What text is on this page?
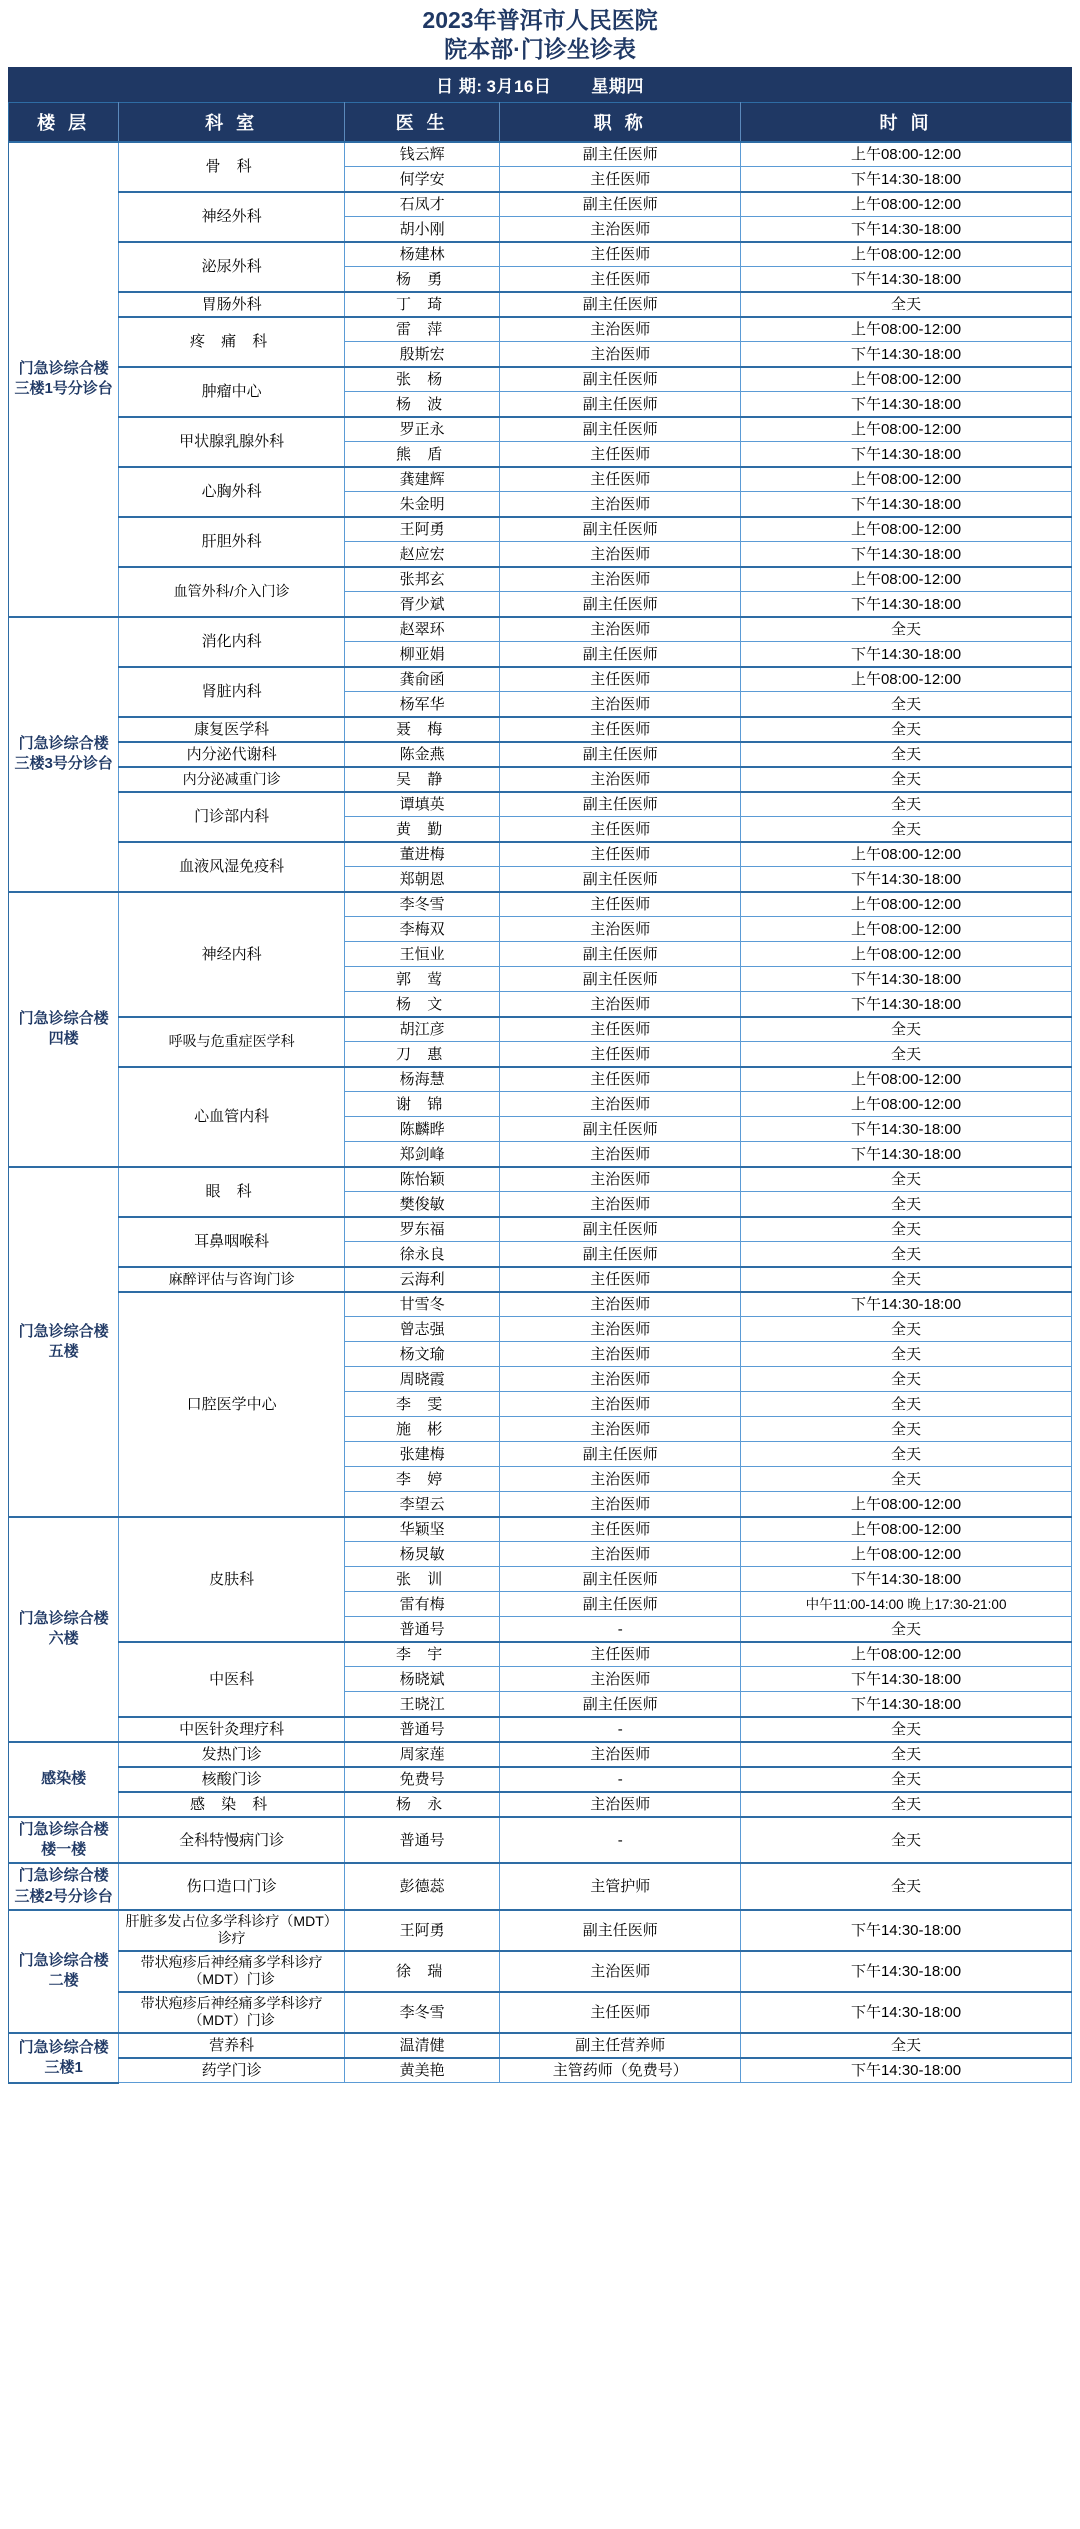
2023年普洱市人民医院
院本部·门诊坐诊表
日 期: 3月16日 星期四
楼 层	科 室	医 生	职 称	时 间
门急诊综合楼三楼1号分诊台	骨 科	钱云辉	副主任医师	上午08:00-12:00
		何学安	主任医师	下午14:30-18:00
	神经外科	石凤才	副主任医师	上午08:00-12:00
		胡小刚	主治医师	下午14:30-18:00
	泌尿外科	杨建林	主任医师	上午08:00-12:00
		杨 勇	主任医师	下午14:30-18:00
	胃肠外科	丁 琦	副主任医师	全天
	疼 痛 科	雷 萍	主治医师	上午08:00-12:00
		殷斯宏	主治医师	下午14:30-18:00
	肿瘤中心	张 杨	副主任医师	上午08:00-12:00
		杨 波	副主任医师	下午14:30-18:00
	甲状腺乳腺外科	罗正永	副主任医师	上午08:00-12:00
		熊 盾	主任医师	下午14:30-18:00
	心胸外科	龚建辉	主任医师	上午08:00-12:00
		朱金明	主治医师	下午14:30-18:00
	肝胆外科	王阿勇	副主任医师	上午08:00-12:00
		赵应宏	主治医师	下午14:30-18:00
	血管外科/介入门诊	张邦玄	主治医师	上午08:00-12:00
		胥少斌	副主任医师	下午14:30-18:00
门急诊综合楼三楼3号分诊台	消化内科	赵翠环	主治医师	全天
		柳亚娟	副主任医师	下午14:30-18:00
	肾脏内科	龚俞函	主任医师	上午08:00-12:00
		杨军华	主治医师	全天
	康复医学科	聂 梅	主任医师	全天
	内分泌代谢科	陈金燕	副主任医师	全天
	内分泌减重门诊	吴 静	主治医师	全天
	门诊部内科	谭填英	副主任医师	全天
		黄 勤	主任医师	全天
	血液风湿免疫科	董进梅	主任医师	上午08:00-12:00
		郑朝恩	副主任医师	下午14:30-18:00
门急诊综合楼四楼	神经内科	李冬雪	主任医师	上午08:00-12:00
		李梅双	主治医师	上午08:00-12:00
		王恒业	副主任医师	上午08:00-12:00
		郭 莺	副主任医师	下午14:30-18:00
		杨 文	主治医师	下午14:30-18:00
	呼吸与危重症医学科	胡江彦	主任医师	全天
		刀 惠	主任医师	全天
	心血管内科	杨海慧	主任医师	上午08:00-12:00
		谢 锦	主治医师	上午08:00-12:00
		陈麟晔	副主任医师	下午14:30-18:00
		郑剑峰	主治医师	下午14:30-18:00
门急诊综合楼五楼	眼 科	陈怡颖	主治医师	全天
		樊俊敏	主治医师	全天
	耳鼻咽喉科	罗东福	副主任医师	全天
		徐永良	副主任医师	全天
	麻醉评估与咨询门诊	云海利	主任医师	全天
	口腔医学中心	甘雪冬	主治医师	下午14:30-18:00
		曾志强	主治医师	全天
		杨文瑜	主治医师	全天
		周晓霞	主治医师	全天
		李 雯	主治医师	全天
		施 彬	主治医师	全天
		张建梅	副主任医师	全天
		李 婷	主治医师	全天
		李望云	主治医师	上午08:00-12:00
门急诊综合楼六楼	皮肤科	华颖坚	主任医师	上午08:00-12:00
		杨炅敏	主治医师	上午08:00-12:00
		张 训	副主任医师	下午14:30-18:00
		雷有梅	副主任医师	中午11:00-14:00 晚上17:30-21:00
		普通号	-	全天
	中医科	李 宇	主任医师	上午08:00-12:00
		杨晓斌	主治医师	下午14:30-18:00
		王晓江	副主任医师	下午14:30-18:00
	中医针灸理疗科	普通号	-	全天
感染楼	发热门诊	周家莲	主治医师	全天
	核酸门诊	免费号	-	全天
	感 染 科	杨 永	主治医师	全天
门急诊综合楼楼一楼	全科特慢病门诊	普通号	-	全天
门急诊综合楼三楼2号分诊台	伤口造口门诊	彭德蕊	主管护师	全天
门急诊综合楼二楼	肝脏多发占位多学科诊疗（MDT）诊疗	王阿勇	副主任医师	下午14:30-18:00
	带状疱疹后神经痛多学科诊疗（MDT）门诊	徐 瑞	主治医师	下午14:30-18:00
	带状疱疹后神经痛多学科诊疗（MDT）门诊	李冬雪	主任医师	下午14:30-18:00
门急诊综合楼三楼1	营养科	温清健	副主任营养师	全天
	药学门诊	黄美艳	主管药师（免费号）	下午14:30-18:00
